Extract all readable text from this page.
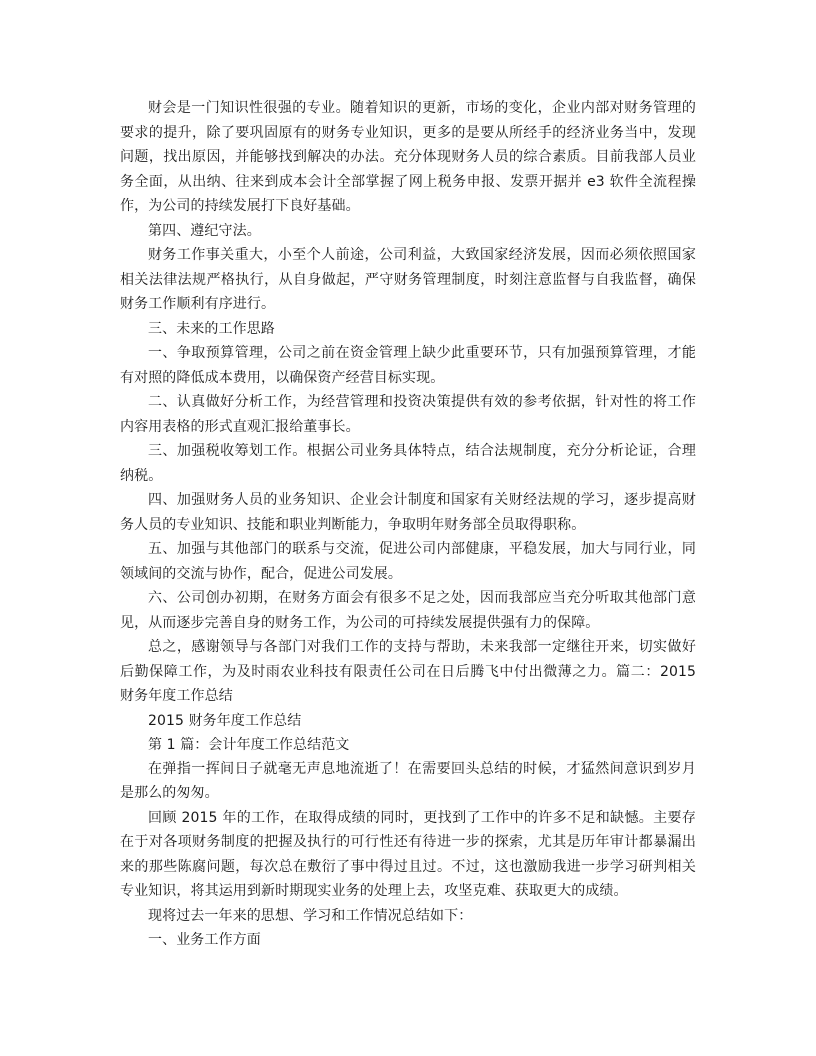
财会是一门知识性很强的专业。随着知识的更新，市场的变化，企业内部对财务管理的要求的提升，除了要巩固原有的财务专业知识，更多的是要从所经手的经济业务当中，发现问题，找出原因，并能够找到解决的办法。充分体现财务人员的综合素质。目前我部人员业务全面，从出纳、往来到成本会计全部掌握了网上税务申报、发票开据并 e3 软件全流程操作，为公司的持续发展打下良好基础。

第四、遵纪守法。

财务工作事关重大，小至个人前途，公司利益，大致国家经济发展，因而必须依照国家相关法律法规严格执行，从自身做起，严守财务管理制度，时刻注意监督与自我监督，确保财务工作顺利有序进行。

三、未来的工作思路

一、争取预算管理，公司之前在资金管理上缺少此重要环节，只有加强预算管理，才能有对照的降低成本费用，以确保资产经营目标实现。

二、认真做好分析工作，为经营管理和投资决策提供有效的参考依据，针对性的将工作内容用表格的形式直观汇报给董事长。

三、加强税收筹划工作。根据公司业务具体特点，结合法规制度，充分分析论证，合理纳税。

四、加强财务人员的业务知识、企业会计制度和国家有关财经法规的学习，逐步提高财务人员的专业知识、技能和职业判断能力，争取明年财务部全员取得职称。

五、加强与其他部门的联系与交流，促进公司内部健康，平稳发展，加大与同行业，同领域间的交流与协作，配合，促进公司发展。

六、公司创办初期，在财务方面会有很多不足之处，因而我部应当充分听取其他部门意见，从而逐步完善自身的财务工作，为公司的可持续发展提供强有力的保障。

总之，感谢领导与各部门对我们工作的支持与帮助，未来我部一定继往开来，切实做好后勤保障工作，为及时雨农业科技有限责任公司在日后腾飞中付出微薄之力。篇二：2015 财务年度工作总结

2015 财务年度工作总结

第 1 篇：会计年度工作总结范文

在弹指一挥间日子就毫无声息地流逝了！在需要回头总结的时候，才猛然间意识到岁月是那么的匆匆。

回顾 2015 年的工作，在取得成绩的同时，更找到了工作中的许多不足和缺憾。主要存在于对各项财务制度的把握及执行的可行性还有待进一步的探索，尤其是历年审计都暴漏出来的那些陈腐问题，每次总在敷衍了事中得过且过。不过，这也激励我进一步学习研判相关专业知识，将其运用到新时期现实业务的处理上去，攻坚克难、获取更大的成绩。

现将过去一年来的思想、学习和工作情况总结如下：

一、业务工作方面
